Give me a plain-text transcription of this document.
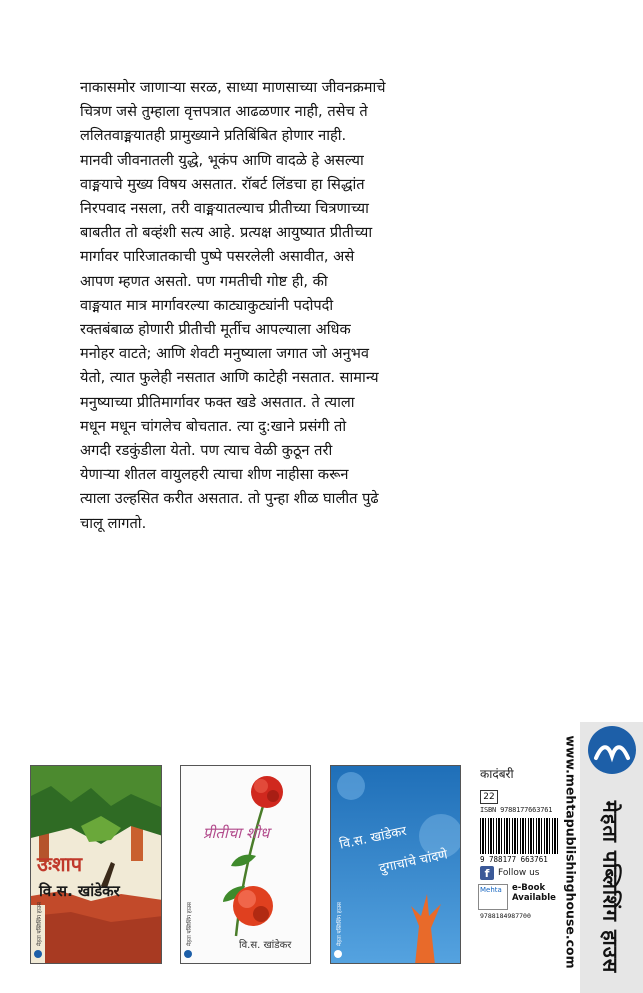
नाकासमोर जाणाऱ्या सरळ, साध्या माणसाच्या जीवनक्रमाचे
चित्रण जसे तुम्हाला वृत्तपत्रात आढळणार नाही, तसेच ते
ललितवाङ्मयातही प्रामुख्याने प्रतिबिंबित होणार नाही.
मानवी जीवनातली युद्धे, भूकंप आणि वादळे हे असल्या
वाङ्मयाचे मुख्य विषय असतात. रॉबर्ट लिंडचा हा सिद्धांत
निरपवाद नसला, तरी वाङ्मयातल्याच प्रीतीच्या चित्रणाच्या
बाबतीत तो बव्हंशी सत्य आहे. प्रत्यक्ष आयुष्यात प्रीतीच्या
मार्गावर पारिजातकाची पुष्पे पसरलेली असावीत, असे
आपण म्हणत असतो. पण गमतीची गोष्ट ही, की
वाङ्मयात मात्र मार्गावरल्या काट्याकुट्यांनी पदोपदी
रक्तबंबाळ होणारी प्रीतीची मूर्तीच आपल्याला अधिक
मनोहर वाटते; आणि शेवटी मनुष्याला जगात जो अनुभव
येतो, त्यात फुलेही नसतात आणि काटेही नसतात. सामान्य
मनुष्याच्या प्रीतिमार्गावर फक्त खडे असतात. ते त्याला
मधून मधून चांगलेच बोचतात. त्या दु:खाने प्रसंगी तो
अगदी रडकुंडीला येतो. पण त्याच वेळी कुठून तरी
येणाऱ्या शीतल वायुलहरी त्याचा शीण नाहीसा करून
त्याला उल्हसित करीत असतात. तो पुन्हा शीळ घालीत पुढे
चालू लागतो.
उःशाप
वि.स. खांडेकर
मेहता पब्लिशिंग हाउस
प्रीतीचा शोध
वि.स. खांडेकर
मेहता पब्लिशिंग हाउस
वि.स. खांडेकर
दुगाचांचे चांदणे
मेहता पब्लिशिंग हाउस
कादंबरी
22
ISBN 9788177663761
9 788177 663761
f Follow us
Mehta	e-Book
Available
9788184987700	www.mehtapublishinghouse.com मेहता पब्लिशिंग हाउस
